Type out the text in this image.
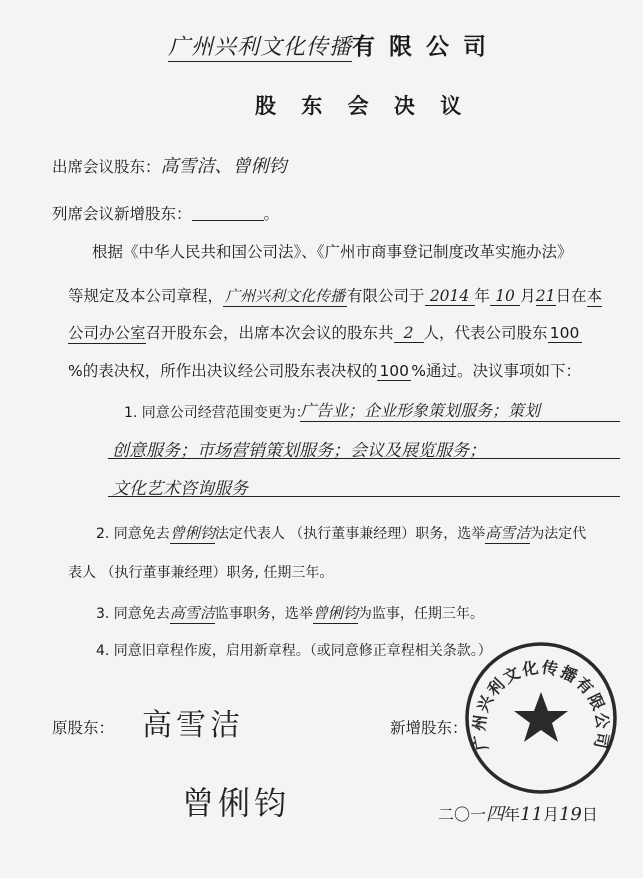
广州兴利文化传播有 限 公 司
股 东 会 决 议
出席会议股东：高雪洁、曾俐钧
列席会议新增股东：	。
根据《中华人民共和国公司法》、《广州市商事登记制度改革实施办法》
等规定及本公司章程， 广州兴利文化传播 有限公司于 2014 年 10 月21日在本
公司办公室召开股东会，出席本次会议的股东共 2 人，代表公司股东 100
%的表决权，所作出决议经公司股东表决权的 100 %通过。决议事项如下：
1. 同意公司经营范围变更为：
广告业；企业形象策划服务；策划
创意服务；市场营销策划服务；会议及展览服务；
文化艺术咨询服务
2. 同意免去曾俐钧法定代表人 （执行董事兼经理）职务，选举高雪洁为法定代
表人 （执行董事兼经理）职务, 任期三年。
3. 同意免去高雪洁监事职务，选举曾俐钧为监事，任期三年。
4. 同意旧章程作废，启用新章程。（或同意修正章程相关条款。）
原股东： 高雪洁
曾俐钧
新增股东：
广州兴利文化传播有限公司
二〇一四年11月19日
